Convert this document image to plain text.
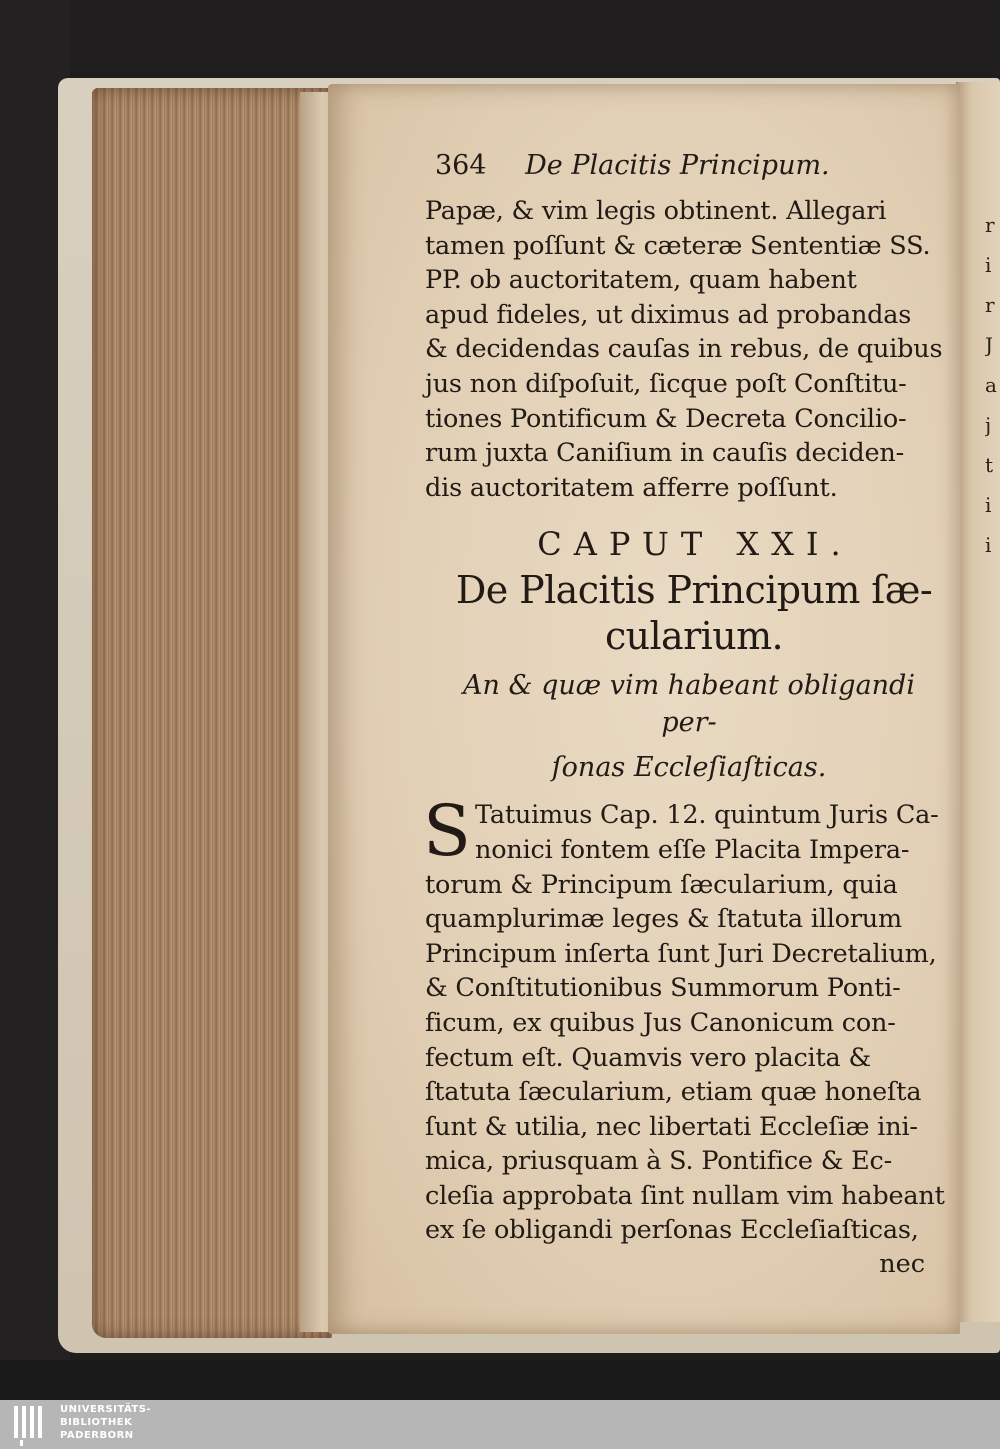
r
i
r
J
a
j
t
i
i
364 De Placitis Principum.
Papæ, & vim legis obtinent. Allegari
tamen poſſunt & cæteræ Sententiæ SS.
PP. ob auctoritatem, quam habent
apud fideles, ut diximus ad probandas
& decidendas cauſas in rebus, de quibus
jus non diſpoſuit, ſicque poſt Conſtitu-
tiones Pontificum & Decreta Concilio-
rum juxta Caniſium in cauſis deciden-
dis auctoritatem afferre poſſunt.
CAPUT XXI.
De Placitis Principum ſæ-
cularium.
An & quæ vim habeant obligandi per-
ſonas Eccleſiaſticas.
S Tatuimus Cap. 12. quintum Juris Ca-
nonici fontem eſſe Placita Impera-
torum & Principum ſæcularium, quia
quamplurimæ leges & ſtatuta illorum
Principum inſerta ſunt Juri Decretalium,
& Conſtitutionibus Summorum Ponti-
ficum, ex quibus Jus Canonicum con-
fectum eſt. Quamvis vero placita &
ſtatuta ſæcularium, etiam quæ honeſta
ſunt & utilia, nec libertati Eccleſiæ ini-
mica, priusquam à S. Pontifice & Ec-
cleſia approbata ſint nullam vim habeant
ex ſe obligandi perſonas Eccleſiaſticas,
nec
UNIVERSITÄTS-
BIBLIOTHEK
PADERBORN
